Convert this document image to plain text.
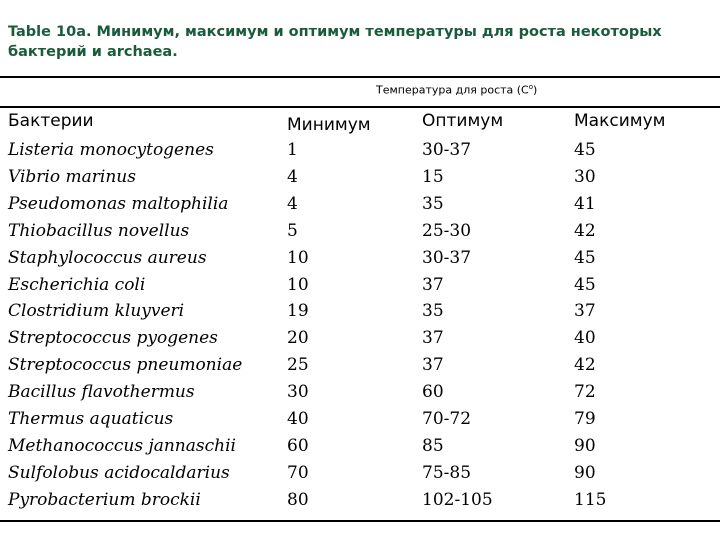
Table 10a. Минимум, максимум и оптимум температуры для роста некоторых
бактерий и archaea.
Температура для роста $(C^o)$
Бактерии	Минимум	Оптимум	Максимум
Listeria monocytogenes	1	30-37	45
Vibrio marinus	4	15	30
Pseudomonas maltophilia	4	35	41
Thiobacillus novellus	5	25-30	42
Staphylococcus aureus	10	30-37	45
Escherichia coli	10	37	45
Clostridium kluyveri	19	35	37
Streptococcus pyogenes	20	37	40
Streptococcus pneumoniae	25	37	42
Bacillus flavothermus	30	60	72
Thermus aquaticus	40	70-72	79
Methanococcus jannaschii	60	85	90
Sulfolobus acidocaldarius	70	75-85	90
Pyrobacterium brockii	80	102-105	115
